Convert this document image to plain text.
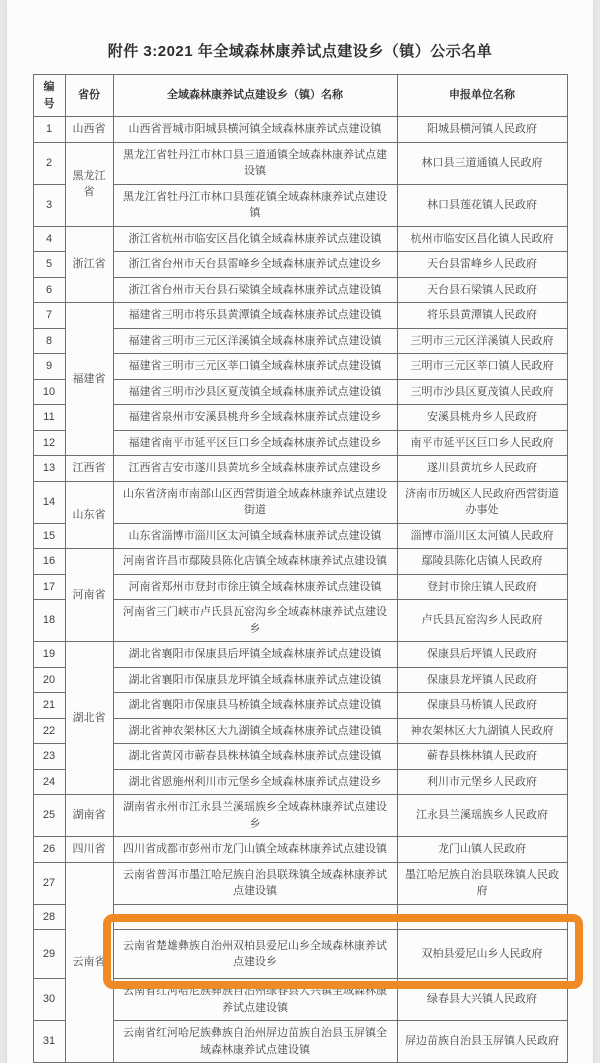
附件 3:2021 年全域森林康养试点建设乡（镇）公示名单
编号	省份	全域森林康养试点建设乡（镇）名称	申报单位名称
1	山西省	山西省晋城市阳城县横河镇全域森林康养试点建设镇	阳城县横河镇人民政府
2	黑龙江省	黑龙江省牡丹江市林口县三道通镇全域森林康养试点建设镇	林口县三道通镇人民政府
3		黑龙江省牡丹江市林口县莲花镇全域森林康养试点建设镇	林口县莲花镇人民政府
4	浙江省	浙江省杭州市临安区昌化镇全域森林康养试点建设镇	杭州市临安区昌化镇人民政府
5		浙江省台州市天台县雷峰乡全域森林康养试点建设乡	天台县雷峰乡人民政府
6		浙江省台州市天台县石梁镇全域森林康养试点建设镇	天台县石梁镇人民政府
7	福建省	福建省三明市将乐县黄潭镇全域森林康养试点建设镇	将乐县黄潭镇人民政府
8		福建省三明市三元区洋溪镇全域森林康养试点建设镇	三明市三元区洋溪镇人民政府
9		福建省三明市三元区莘口镇全域森林康养试点建设镇	三明市三元区莘口镇人民政府
10		福建省三明市沙县区夏茂镇全域森林康养试点建设镇	三明市沙县区夏茂镇人民政府
11		福建省泉州市安溪县桃舟乡全域森林康养试点建设乡	安溪县桃舟乡人民政府
12		福建省南平市延平区巨口乡全域森林康养试点建设乡	南平市延平区巨口乡人民政府
13	江西省	江西省吉安市遂川县黄坑乡全域森林康养试点建设乡	遂川县黄坑乡人民政府
14	山东省	山东省济南市南部山区西营街道全域森林康养试点建设街道	济南市历城区人民政府西营街道办事处
15		山东省淄博市淄川区太河镇全域森林康养试点建设镇	淄博市淄川区太河镇人民政府
16	河南省	河南省许昌市鄢陵县陈化店镇全域森林康养试点建设镇	鄢陵县陈化店镇人民政府
17		河南省郑州市登封市徐庄镇全域森林康养试点建设镇	登封市徐庄镇人民政府
18		河南省三门峡市卢氏县瓦窑沟乡全域森林康养试点建设乡	卢氏县瓦窑沟乡人民政府
19	湖北省	湖北省襄阳市保康县后坪镇全域森林康养试点建设镇	保康县后坪镇人民政府
20		湖北省襄阳市保康县龙坪镇全域森林康养试点建设镇	保康县龙坪镇人民政府
21		湖北省襄阳市保康县马桥镇全域森林康养试点建设镇	保康县马桥镇人民政府
22		湖北省神农架林区大九湖镇全域森林康养试点建设镇	神农架林区大九湖镇人民政府
23		湖北省黄冈市蕲春县株林镇全域森林康养试点建设镇	蕲春县株林镇人民政府
24		湖北省恩施州利川市元堡乡全域森林康养试点建设乡	利川市元堡乡人民政府
25	湖南省	湖南省永州市江永县兰溪瑶族乡全域森林康养试点建设乡	江永县兰溪瑶族乡人民政府
26	四川省	四川省成都市彭州市龙门山镇全域森林康养试点建设镇	龙门山镇人民政府
27	云南省	云南省普洱市墨江哈尼族自治县联珠镇全域森林康养试点建设镇	墨江哈尼族自治县联珠镇人民政府
28			
29		云南省楚雄彝族自治州双柏县爱尼山乡全域森林康养试点建设乡	双柏县爱尼山乡人民政府
30		云南省红河哈尼族彝族自治州绿春县大兴镇全域森林康养试点建设镇	绿春县大兴镇人民政府
31		云南省红河哈尼族彝族自治州屏边苗族自治县玉屏镇全域森林康养试点建设镇	屏边苗族自治县玉屏镇人民政府
